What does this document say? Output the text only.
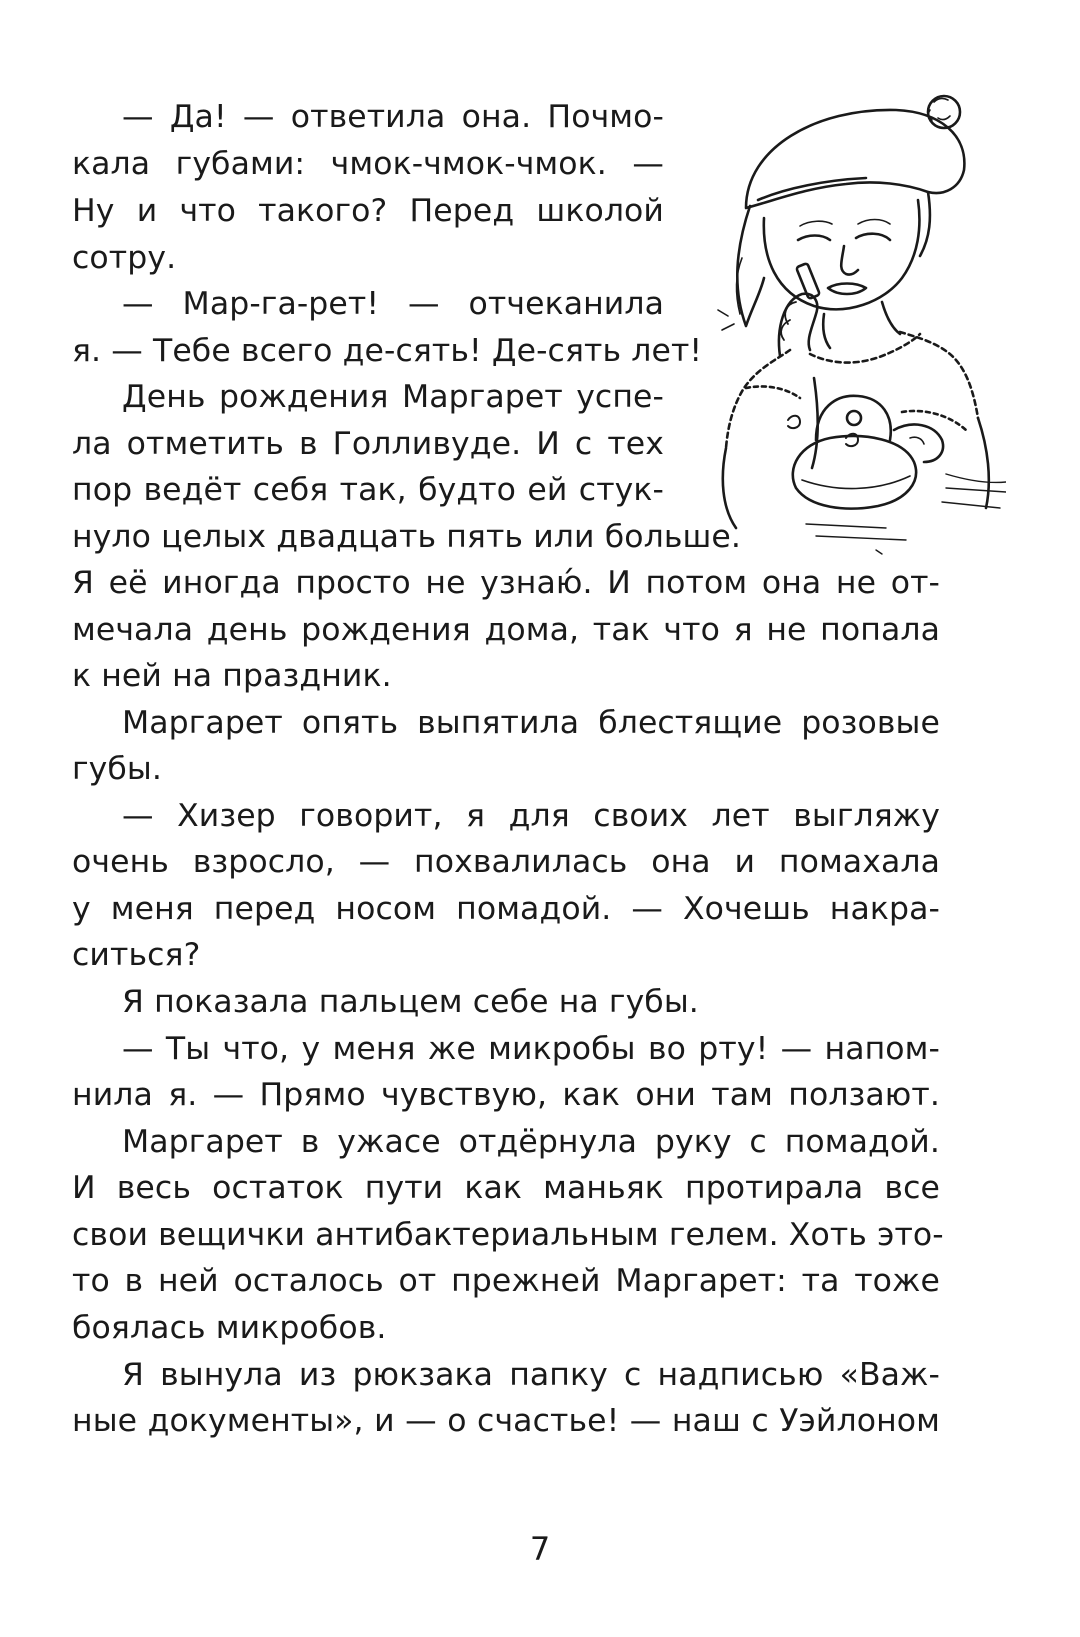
— Да! — ответила она. Почмо-
кала губами: чмок-чмок-чмок. —
Ну и что такого? Перед школой
сотру.
— Мар-га-рет! — отчеканила
я. — Тебе всего де-сять! Де-сять лет!
День рождения Маргарет успе-
ла отметить в Голливуде. И с тех
пор ведёт себя так, будто ей стук-
нуло целых двадцать пять или больше.
Я её иногда просто не узнаю́. И потом она не от-
мечала день рождения дома, так что я не попала
к ней на праздник.
Маргарет опять выпятила блестящие розовые
губы.
— Хизер говорит, я для своих лет выгляжу
очень взросло, — похвалилась она и помахала
у меня перед носом помадой. — Хочешь накра-
ситься?
Я показала пальцем себе на губы.
— Ты что, у меня же микробы во рту! — напом-
нила я. — Прямо чувствую, как они там ползают.
Маргарет в ужасе отдёрнула руку с помадой.
И весь остаток пути как маньяк протирала все
свои вещички антибактериальным гелем. Хоть это-
то в ней осталось от прежней Маргарет: та тоже
боялась микробов.
Я вынула из рюкзака папку с надписью «Важ-
ные документы», и — о счастье! — наш с Уэйлоном
7
